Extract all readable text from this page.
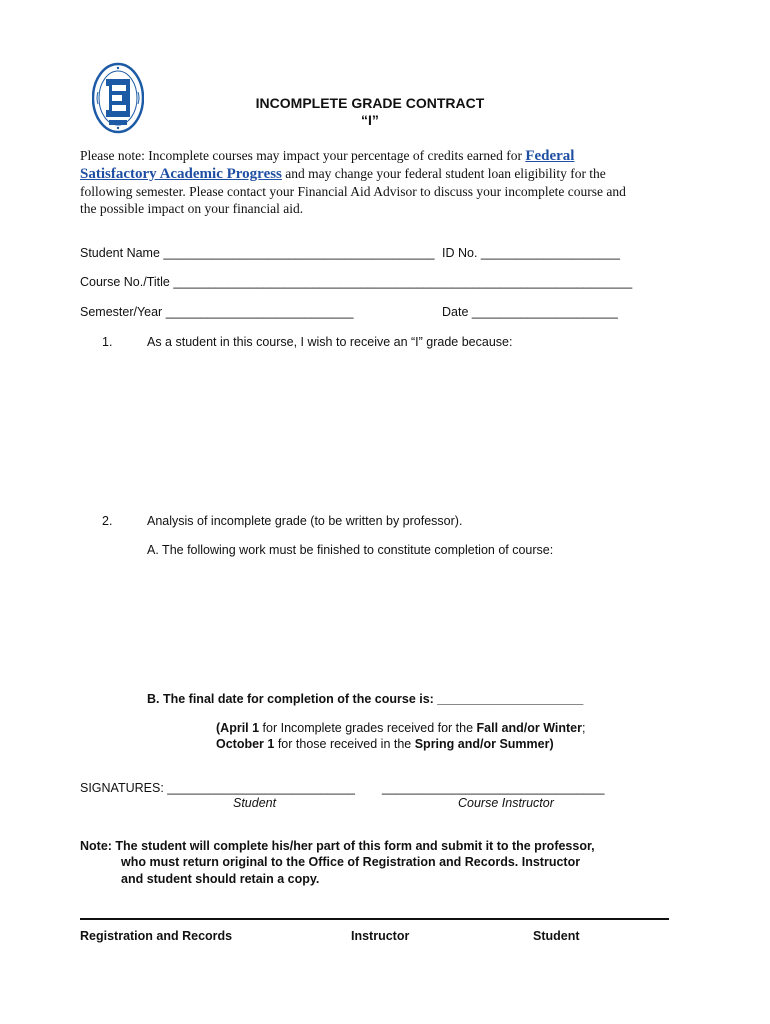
INCOMPLETE GRADE CONTRACT
“I”
Please note: Incomplete courses may impact your percentage of credits earned for Federal
Satisfactory Academic Progress and may change your federal student loan eligibility for the
following semester. Please contact your Financial Aid Advisor to discuss your incomplete course and
the possible impact on your financial aid.
Student Name _______________________________________ ID No. ____________________
Course No./Title __________________________________________________________________
Semester/Year ___________________________	Date _____________________
1.	As a student in this course, I wish to receive an “I” grade because:
2.	Analysis of incomplete grade (to be written by professor).
A. The following work must be finished to constitute completion of course:
B. The final date for completion of the course is: _____________________
(April 1 for Incomplete grades received for the Fall and/or Winter;
October 1 for those received in the Spring and/or Summer)
SIGNATURES: ___________________________ ________________________________
Student	Course Instructor
Note: The student will complete his/her part of this form and submit it to the professor,
who must return original to the Office of Registration and Records. Instructor
and student should retain a copy.
Registration and Records	Instructor	Student
